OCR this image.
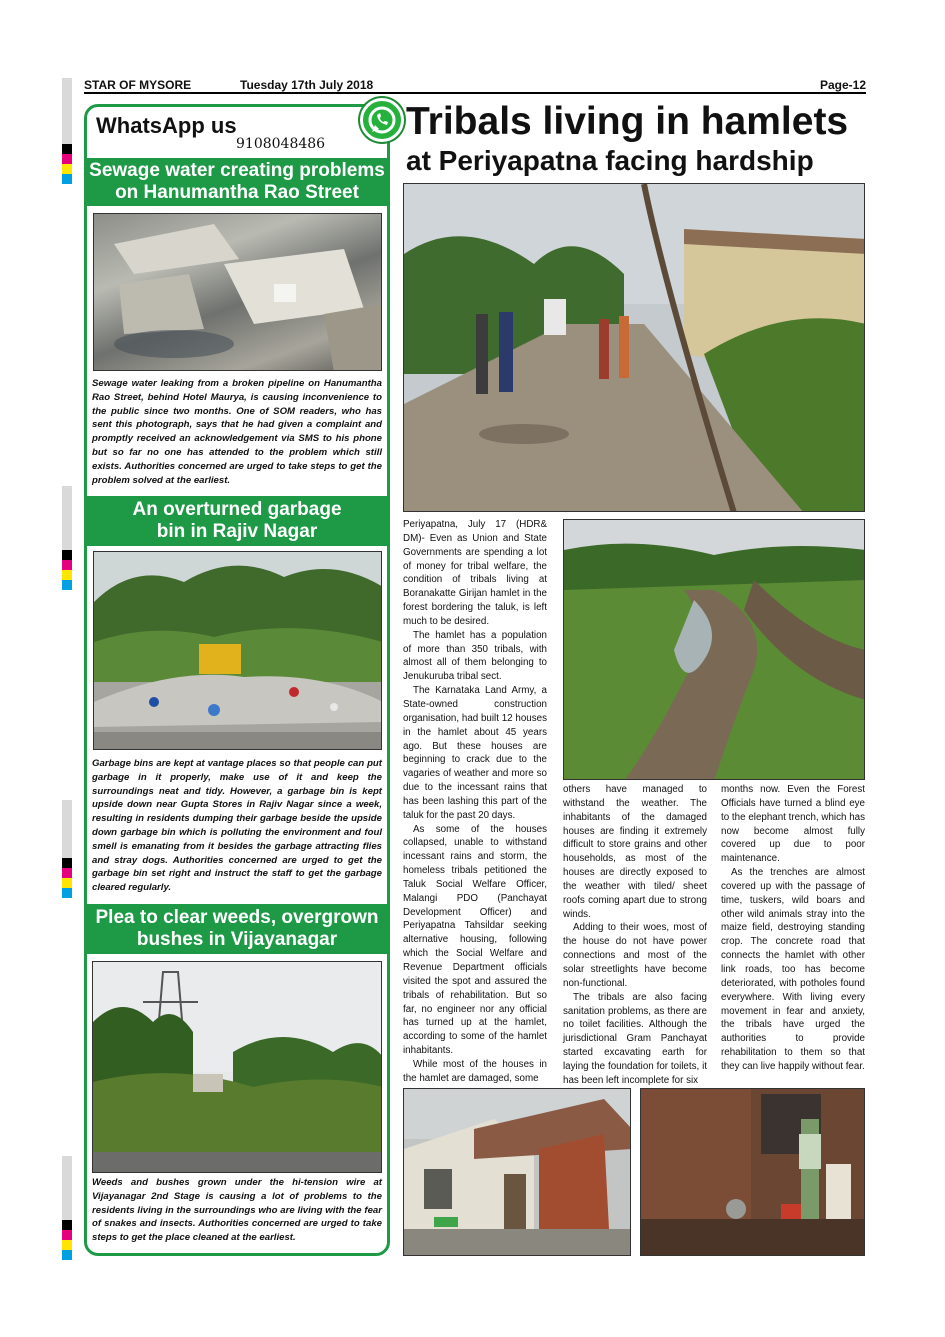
STAR OF MYSORE	Tuesday 17th July 2018	Page-12
WhatsApp us
9108048486
Sewage water creating problems
on Hanumantha Rao Street
Sewage water leaking from a broken pipeline on Hanumantha Rao Street, behind Hotel Maurya, is causing inconvenience to the public since two months. One of SOM readers, who has sent this photograph, says that he had given a complaint and promptly received an acknowledgement via SMS to his phone but so far no one has attended to the problem which still exists. Authorities concerned are urged to take steps to get the problem solved at the earliest.
An overturned garbage
bin in Rajiv Nagar
Garbage bins are kept at vantage places so that people can put garbage in it properly, make use of it and keep the surroundings neat and tidy. However, a garbage bin is kept upside down near Gupta Stores in Rajiv Nagar since a week, resulting in residents dumping their garbage beside the upside down garbage bin which is polluting the environment and foul smell is emanating from it besides the garbage attracting flies and stray dogs. Authorities concerned are urged to get the garbage bin set right and instruct the staff to get the garbage cleared regularly.
Plea to clear weeds, overgrown
bushes in Vijayanagar
Weeds and bushes grown under the hi-tension wire at Vijayanagar 2nd Stage is causing a lot of problems to the residents living in the surroundings who are living with the fear of snakes and insects. Authorities concerned are urged to take steps to get the place cleaned at the earliest.
Tribals living in hamlets
at Periyapatna facing hardship

Periyapatna, July 17 (HDR& DM)- Even as Union and State Governments are spending a lot of money for tribal welfare, the condition of tribals living at Boranakatte Girijan hamlet in the forest bordering the taluk, is left much to be desired.

The hamlet has a population of more than 350 tribals, with almost all of them belonging to Jenukuruba tribal sect.

The Karnataka Land Army, a State-owned construction organisation, had built 12 houses in the hamlet about 45 years ago. But these houses are beginning to crack due to the vagaries of weather and more so due to the incessant rains that has been lashing this part of the taluk for the past 20 days.

As some of the houses collapsed, unable to withstand incessant rains and storm, the homeless tribals petitioned the Taluk Social Welfare Officer, Malangi PDO (Panchayat Development Officer) and Periyapatna Tahsildar seeking alternative housing, following which the Social Welfare and Revenue Department officials visited the spot and assured the tribals of rehabilitation. But so far, no engineer nor any official has turned up at the hamlet, according to some of the hamlet inhabitants.

While most of the houses in the hamlet are damaged, some

others have managed to withstand the weather. The inhabitants of the damaged houses are finding it extremely difficult to store grains and other households, as most of the houses are directly exposed to the weather with tiled/ sheet roofs coming apart due to strong winds.

Adding to their woes, most of the house do not have power connections and most of the solar streetlights have become non-functional.

The tribals are also facing sanitation problems, as there are no toilet facilities. Although the jurisdictional Gram Panchayat started excavating earth for laying the foundation for toilets, it has been left incomplete for six

months now. Even the Forest Officials have turned a blind eye to the elephant trench, which has now become almost fully covered up due to poor maintenance.

As the trenches are almost covered up with the passage of time, tuskers, wild boars and other wild animals stray into the maize field, destroying standing crop. The concrete road that connects the hamlet with other link roads, too has become deteriorated, with potholes found everywhere. With living every movement in fear and anxiety, the tribals have urged the authorities to provide rehabilitation to them so that they can live happily without fear.
